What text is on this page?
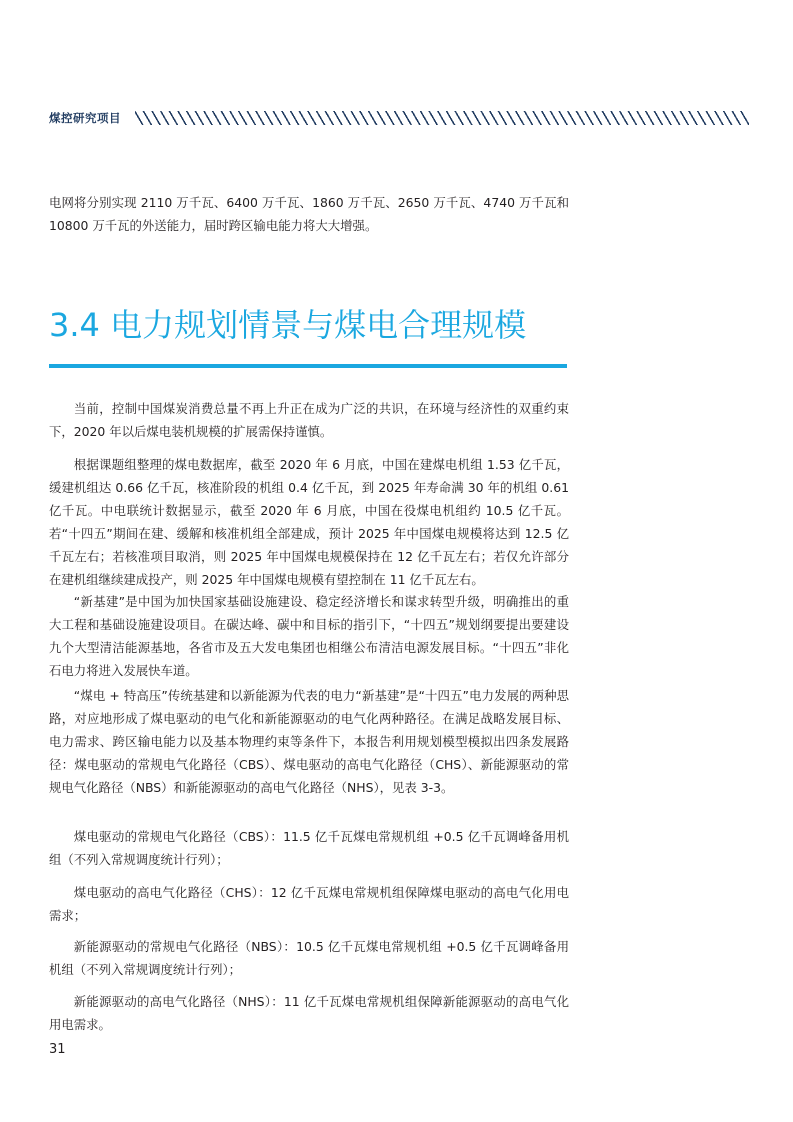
煤控研究项目

电网将分别实现 2110 万千瓦、6400 万千瓦、1860 万千瓦、2650 万千瓦、4740 万千瓦和 10800 万千瓦的外送能力，届时跨区输电能力将大大增强。

3.4 电力规划情景与煤电合理规模

当前，控制中国煤炭消费总量不再上升正在成为广泛的共识，在环境与经济性的双重约束下，2020 年以后煤电装机规模的扩展需保持谨慎。

根据课题组整理的煤电数据库，截至 2020 年 6 月底，中国在建煤电机组 1.53 亿千瓦，缓建机组达 0.66 亿千瓦，核准阶段的机组 0.4 亿千瓦，到 2025 年寿命满 30 年的机组 0.61 亿千瓦。中电联统计数据显示，截至 2020 年 6 月底，中国在役煤电机组约 10.5 亿千瓦。若“十四五”期间在建、缓解和核准机组全部建成，预计 2025 年中国煤电规模将达到 12.5 亿千瓦左右；若核准项目取消，则 2025 年中国煤电规模保持在 12 亿千瓦左右；若仅允许部分在建机组继续建成投产，则 2025 年中国煤电规模有望控制在 11 亿千瓦左右。

“新基建”是中国为加快国家基础设施建设、稳定经济增长和谋求转型升级，明确推出的重大工程和基础设施建设项目。在碳达峰、碳中和目标的指引下，“十四五”规划纲要提出要建设九个大型清洁能源基地，各省市及五大发电集团也相继公布清洁电源发展目标。“十四五”非化石电力将进入发展快车道。

“煤电 + 特高压”传统基建和以新能源为代表的电力“新基建”是“十四五”电力发展的两种思路，对应地形成了煤电驱动的电气化和新能源驱动的电气化两种路径。在满足战略发展目标、电力需求、跨区输电能力以及基本物理约束等条件下，本报告利用规划模型模拟出四条发展路径：煤电驱动的常规电气化路径（CBS）、煤电驱动的高电气化路径（CHS）、新能源驱动的常规电气化路径（NBS）和新能源驱动的高电气化路径（NHS），见表 3-3。

煤电驱动的常规电气化路径（CBS）：11.5 亿千瓦煤电常规机组 +0.5 亿千瓦调峰备用机组（不列入常规调度统计行列）；

煤电驱动的高电气化路径（CHS）：12 亿千瓦煤电常规机组保障煤电驱动的高电气化用电需求；

新能源驱动的常规电气化路径（NBS）：10.5 亿千瓦煤电常规机组 +0.5 亿千瓦调峰备用机组（不列入常规调度统计行列）；

新能源驱动的高电气化路径（NHS）：11 亿千瓦煤电常规机组保障新能源驱动的高电气化用电需求。

31
